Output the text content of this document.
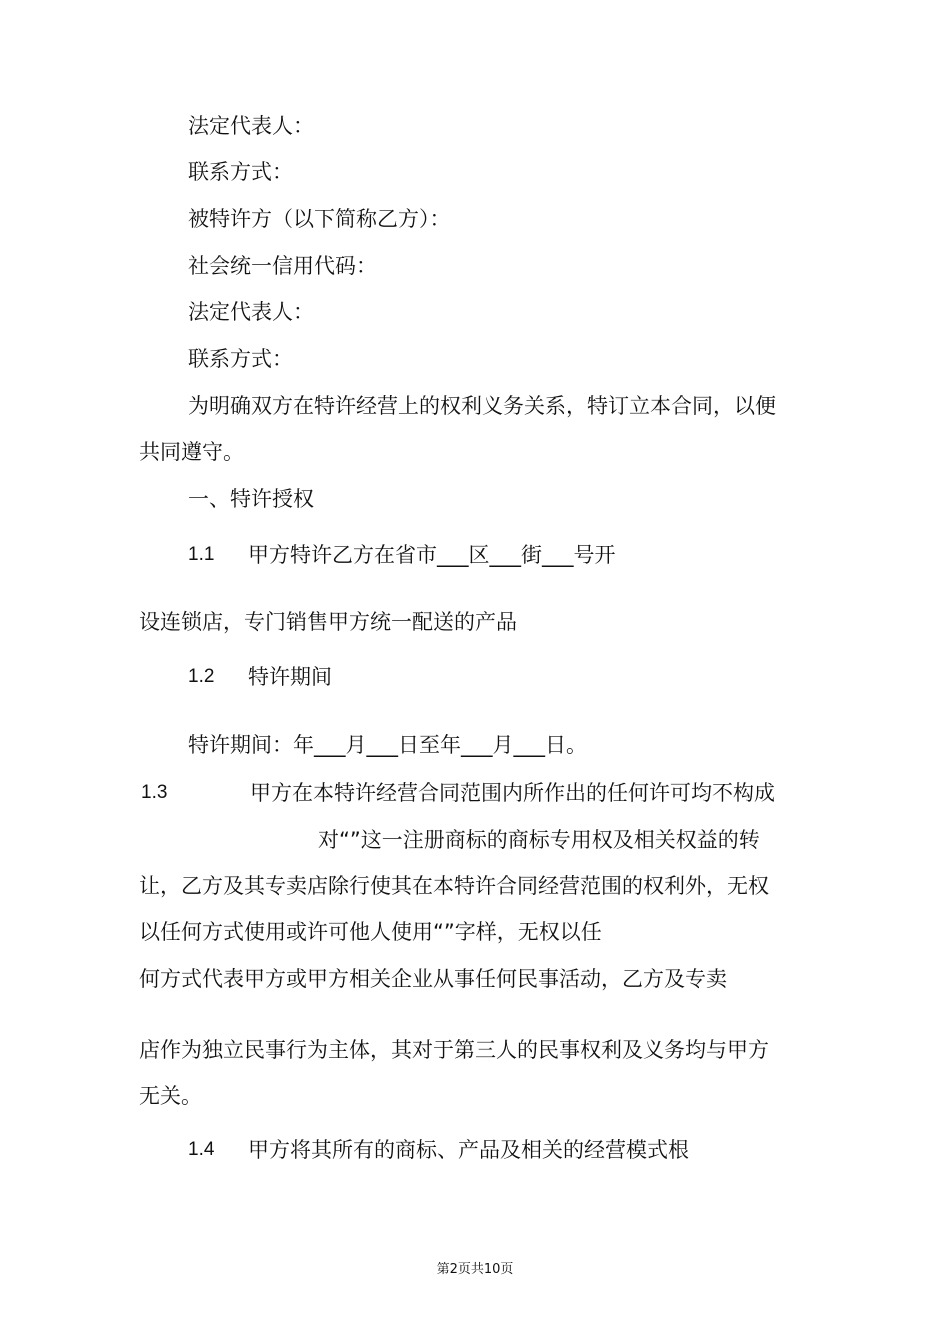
法定代表人：
联系方式：
被特许方（以下简称乙方）：
社会统一信用代码：
法定代表人：
联系方式：
为明确双方在特许经营上的权利义务关系，特订立本合同，以便
共同遵守。
一、特许授权
1.1 甲方特许乙方在省市___区___街___号开
设连锁店，专门销售甲方统一配送的产品
1.2 特许期间
特许期间：年___月___日至年___月___日。
1.3	甲方在本特许经营合同范围内所作出的任何许可均不构成
对“”这一注册商标的商标专用权及相关权益的转
让，乙方及其专卖店除行使其在本特许合同经营范围的权利外，无权
以任何方式使用或许可他人使用“”字样，无权以任
何方式代表甲方或甲方相关企业从事任何民事活动，乙方及专卖
店作为独立民事行为主体，其对于第三人的民事权利及义务均与甲方
无关。
1.4 甲方将其所有的商标、产品及相关的经营模式根
第2页共10页
